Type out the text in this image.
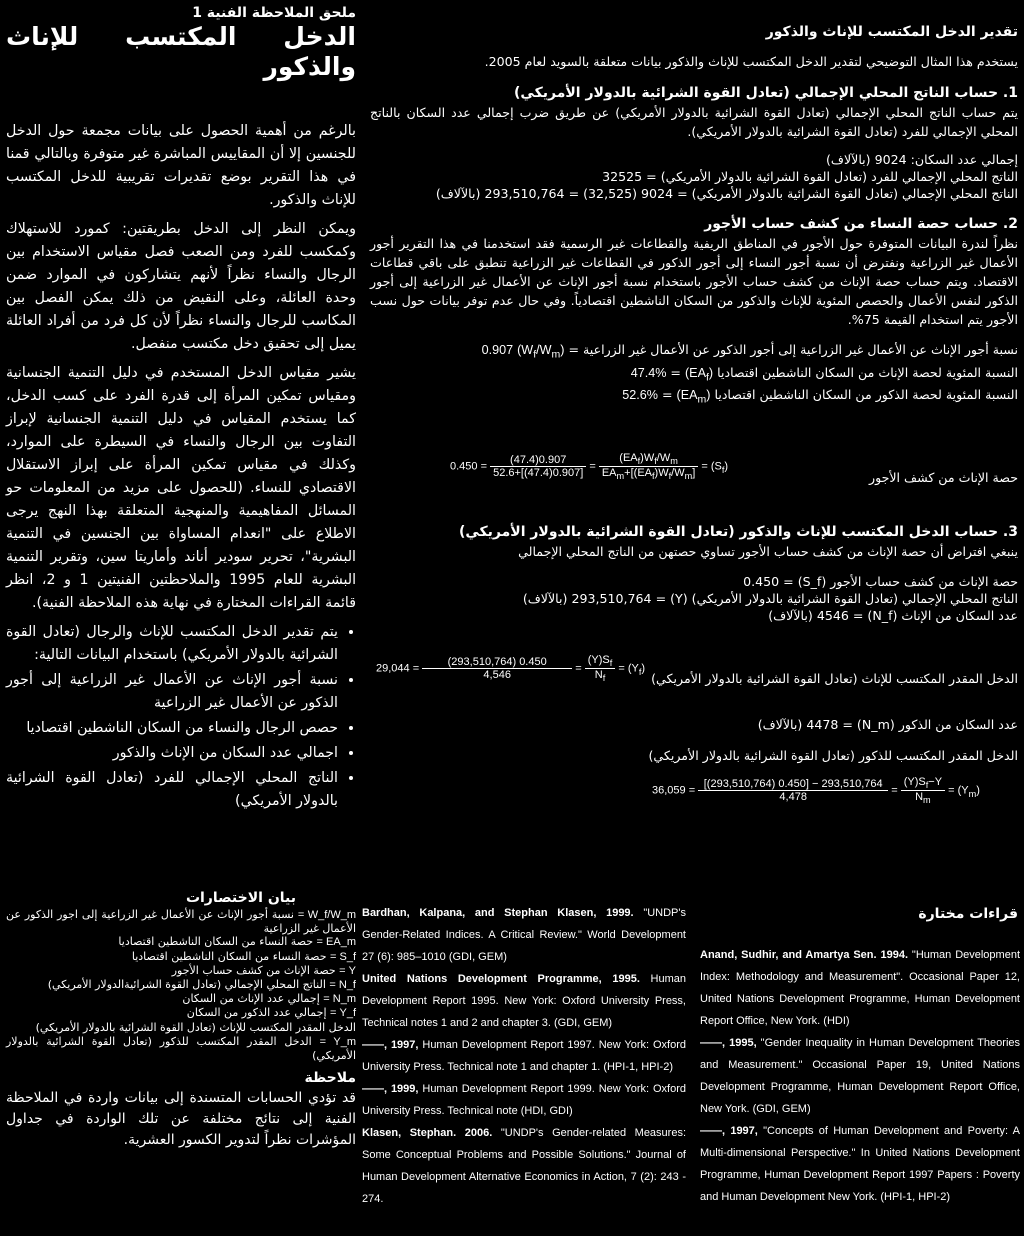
ملحق الملاحظة الفنية 1

الدخل المكتسب للإناث والذكور

بالرغم من أهمية الحصول على بيانات مجمعة حول الدخل للجنسين إلا أن المقاييس المباشرة غير متوفرة وبالتالي قمنا في هذا التقرير بوضع تقديرات تقريبية للدخل المكتسب للإناث والذكور.

ويمكن النظر إلى الدخل بطريقتين: كمورد للاستهلاك وكمكسب للفرد ومن الصعب فصل مقياس الاستخدام بين الرجال والنساء نظراً لأنهم يتشاركون في الموارد ضمن وحدة العائلة، وعلى النقيض من ذلك يمكن الفصل بين المكاسب للرجال والنساء نظراً لأن كل فرد من أفراد العائلة يميل إلى تحقيق دخل مكتسب منفصل.

يشير مقياس الدخل المستخدم في دليل التنمية الجنسانية ومقياس تمكين المرأة إلى قدرة الفرد على كسب الدخل، كما يستخدم المقياس في دليل التنمية الجنسانية لإبراز التفاوت بين الرجال والنساء في السيطرة على الموارد، وكذلك في مقياس تمكين المرأة على إبراز الاستقلال الاقتصادي للنساء. (للحصول على مزيد من المعلومات حو المسائل المفاهيمية والمنهجية المتعلقة بهذا النهج يرجى الاطلاع على "انعدام المساواة بين الجنسين في التنمية البشرية"، تحرير سودير أناند وأماريتا سين، وتقرير التنمية البشرية للعام 1995 والملاحظتين الفنيتين 1 و 2، انظر قائمة القراءات المختارة في نهاية هذه الملاحظة الفنية).

• يتم تقدير الدخل المكتسب للإناث والرجال (تعادل القوة الشرائية بالدولار الأمريكي) باستخدام البيانات التالية:
• نسبة أجور الإناث عن الأعمال غير الزراعية إلى أجور الذكور عن الأعمال غير الزراعية
• حصص الرجال والنساء من السكان الناشطين اقتصاديا
• اجمالي عدد السكان من الإناث والذكور
• الناتج المحلي الإجمالي للفرد (تعادل القوة الشرائية بالدولار الأمريكي)

بيان الاختصارات

W_f/W_m = نسبة أجور الإناث عن الأعمال غير الزراعية إلى اجور الذكور عن الأعمال غير الزراعية

EA_m = حصة النساء من السكان الناشطين اقتصاديا

S_f = حصة النساء من السكان الناشطين اقتصاديا

Y = حصة الإناث من كشف حساب الأجور

N_f = الناتج المحلي الإجمالي (تعادل القوة الشرائيةالدولار الأمريكي)

N_m = إجمالي عدد الإناث من السكان

Y_f = إجمالي عدد الذكور من السكان

الدخل المقدر المكتسب للإناث (تعادل القوة الشرائية بالدولار الأمريكي)

Y_m = الدخل المقدر المكتسب للذكور (تعادل القوة الشرائية بالدولار الأمريكي)

ملاحظة

قد تؤدي الحسابات المتسندة إلى بيانات واردة في الملاحظة الفنية إلى نتائج مختلفة عن تلك الواردة في جداول المؤشرات نظراً لتدوير الكسور العشرية.

تقدير الدخل المكتسب للإناث والذكور

يستخدم هذا المثال التوضيحي لتقدير الدخل المكتسب للإناث والذكور بيانات متعلقة بالسويد لعام 2005.

1. حساب الناتج المحلي الإجمالي (تعادل القوة الشرائية بالدولار الأمريكي)

يتم حساب الناتج المحلي الإجمالي (تعادل القوة الشرائية بالدولار الأمريكي) عن طريق ضرب إجمالي عدد السكان بالناتج المحلي الإجمالي للفرد (تعادل القوة الشرائية بالدولار الأمريكي).

إجمالي عدد السكان: 9024 (بالآلاف)

الناتج المحلي الإجمالي للفرد (تعادل القوة الشرائية بالدولار الأمريكي) = 32525

الناتج المحلي الإجمالي (تعادل القوة الشرائية بالدولار الأمريكي) = 9024 (32,525) = 293,510,764 (بالآلاف)

2. حساب حصة النساء من كشف حساب الأجور

نظراً لندرة البيانات المتوفرة حول الأجور في المناطق الريفية والقطاعات غير الرسمية فقد استخدمنا في هذا التقرير أجور الأعمال غير الزراعية ونفترض أن نسبة أجور النساء إلى أجور الذكور في القطاعات غير الزراعية تنطبق على باقي قطاعات الاقتصاد. ويتم حساب حصة الإناث من كشف حساب الأجور باستخدام نسبة أجور الإناث عن الأعمال غير الزراعية إلى أجور الذكور لنفس الأعمال والحصص المئوية للإناث والذكور من السكان الناشطين اقتصادياً. وفي حال عدم توفر بيانات حول نسب الأجور يتم استخدام القيمة 75%.

نسبة أجور الإناث عن الأعمال غير الزراعية إلى أجور الذكور عن الأعمال غير الزراعية = $(W_f/W_m)$ 0.907

النسبة المئوية لحصة الإناث من السكان الناشطين اقتصاديا $(EA_f) = 47.4\%$

النسبة المئوية لحصة الذكور من السكان الناشطين اقتصاديا $(EA_m) = 52.6\%$

حصة الإناث من كشف الأجور
$0.450 = \frac{(47.4)0.907}{52.6+[(47.4)0.907]} = \frac{(EA_f)W_f/W_m}{EA_m+[(EA_f)W_f/W_m]} = (S_f)$

3. حساب الدخل المكتسب للإناث والذكور (تعادل القوة الشرائية بالدولار الأمريكي)

ينبغي افتراض أن حصة الإناث من كشف حساب الأجور تساوي حصتهن من الناتج المحلي الإجمالي

حصة الإناث من كشف حساب الأجور (S_f) = 0.450

الناتج المحلي الإجمالي (تعادل القوة الشرائية بالدولار الأمريكي) (Y) = 293,510,764 (بالآلاف)

عدد السكان من الإناث (N_f) = 4546 (بالآلاف)

الدخل المقدر المكتسب للإناث (تعادل القوة الشرائية بالدولار الأمريكي)
$29,044 = \frac{(293,510,764) 0.450}{4,546} = \frac{(Y)S_f}{N_f} = (Y_f)$

عدد السكان من الذكور (N_m) = 4478 (بالآلاف)

الدخل المقدر المكتسب للذكور (تعادل القوة الشرائية بالدولار الأمريكي)
$36,059 = \frac{[(293,510,764) 0.450] - 293,510,764}{4,478} = \frac{(Y)S_f-Y}{N_m} = (Y_m)$

قراءات مختارة

Anand, Sudhir, and Amartya Sen. 1994. "Human Development Index: Methodology and Measurement". Occasional Paper 12, United Nations Development Programme, Human Development Report Office, New York. (HDI)

——, 1995, "Gender Inequality in Human Development Theories and Measurement." Occasional Paper 19, United Nations Development Programme, Human Development Report Office, New York. (GDI, GEM)

——, 1997, "Concepts of Human Development and Poverty: A Multi-dimensional Perspective." In United Nations Development Programme, Human Development Report 1997 Papers : Poverty and Human Development New York. (HPI-1, HPI-2)

Bardhan, Kalpana, and Stephan Klasen, 1999. "UNDP's Gender-Related Indices. A Critical Review." World Development 27 (6): 985–1010 (GDI, GEM)

United Nations Development Programme, 1995. Human Development Report 1995. New York: Oxford University Press, Technical notes 1 and 2 and chapter 3. (GDI, GEM)

——, 1997, Human Development Report 1997. New York: Oxford University Press. Technical note 1 and chapter 1. (HPI-1, HPI-2)

——, 1999, Human Development Report 1999. New York: Oxford University Press. Technical note (HDI, GDI)

Klasen, Stephan. 2006. "UNDP's Gender-related Measures: Some Conceptual Problems and Possible Solutions." Journal of Human Development Alternative Economics in Action, 7 (2): 243 - 274.
